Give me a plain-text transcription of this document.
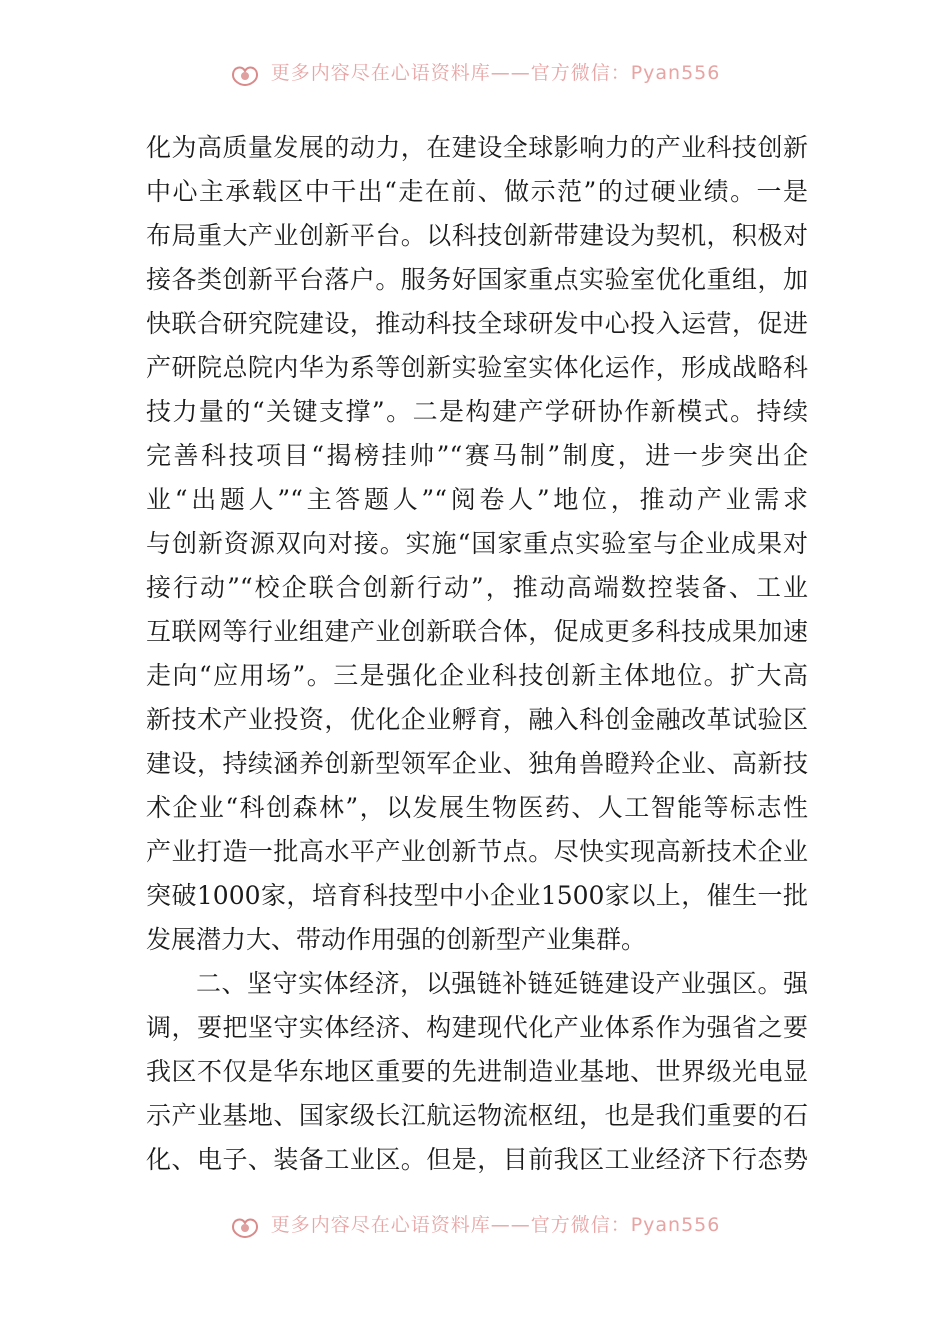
更多内容尽在心语资料库——官方微信：Pyan556
化为高质量发展的动力，在建设全球影响力的产业科技创新
中心主承载区中干出“走在前、做示范”的过硬业绩。一是
布局重大产业创新平台。以科技创新带建设为契机，积极对
接各类创新平台落户。服务好国家重点实验室优化重组，加
快联合研究院建设，推动科技全球研发中心投入运营，促进
产研院总院内华为系等创新实验室实体化运作，形成战略科
技力量的“关键支撑”。二是构建产学研协作新模式。持续
完善科技项目“揭榜挂帅”“赛马制”制度，进一步突出企
业“出题人”“主答题人”“阅卷人”地位，推动产业需求
与创新资源双向对接。实施“国家重点实验室与企业成果对
接行动”“校企联合创新行动”，推动高端数控装备、工业
互联网等行业组建产业创新联合体，促成更多科技成果加速
走向“应用场”。三是强化企业科技创新主体地位。扩大高
新技术产业投资，优化企业孵育，融入科创金融改革试验区
建设，持续涵养创新型领军企业、独角兽瞪羚企业、高新技
术企业“科创森林”，以发展生物医药、人工智能等标志性
产业打造一批高水平产业创新节点。尽快实现高新技术企业
突破1000家，培育科技型中小企业1500家以上，催生一批
发展潜力大、带动作用强的创新型产业集群。
二、坚守实体经济，以强链补链延链建设产业强区。强
调，要把坚守实体经济、构建现代化产业体系作为强省之要
我区不仅是华东地区重要的先进制造业基地、世界级光电显
示产业基地、国家级长江航运物流枢纽，也是我们重要的石
化、电子、装备工业区。但是，目前我区工业经济下行态势
更多内容尽在心语资料库——官方微信：Pyan556
